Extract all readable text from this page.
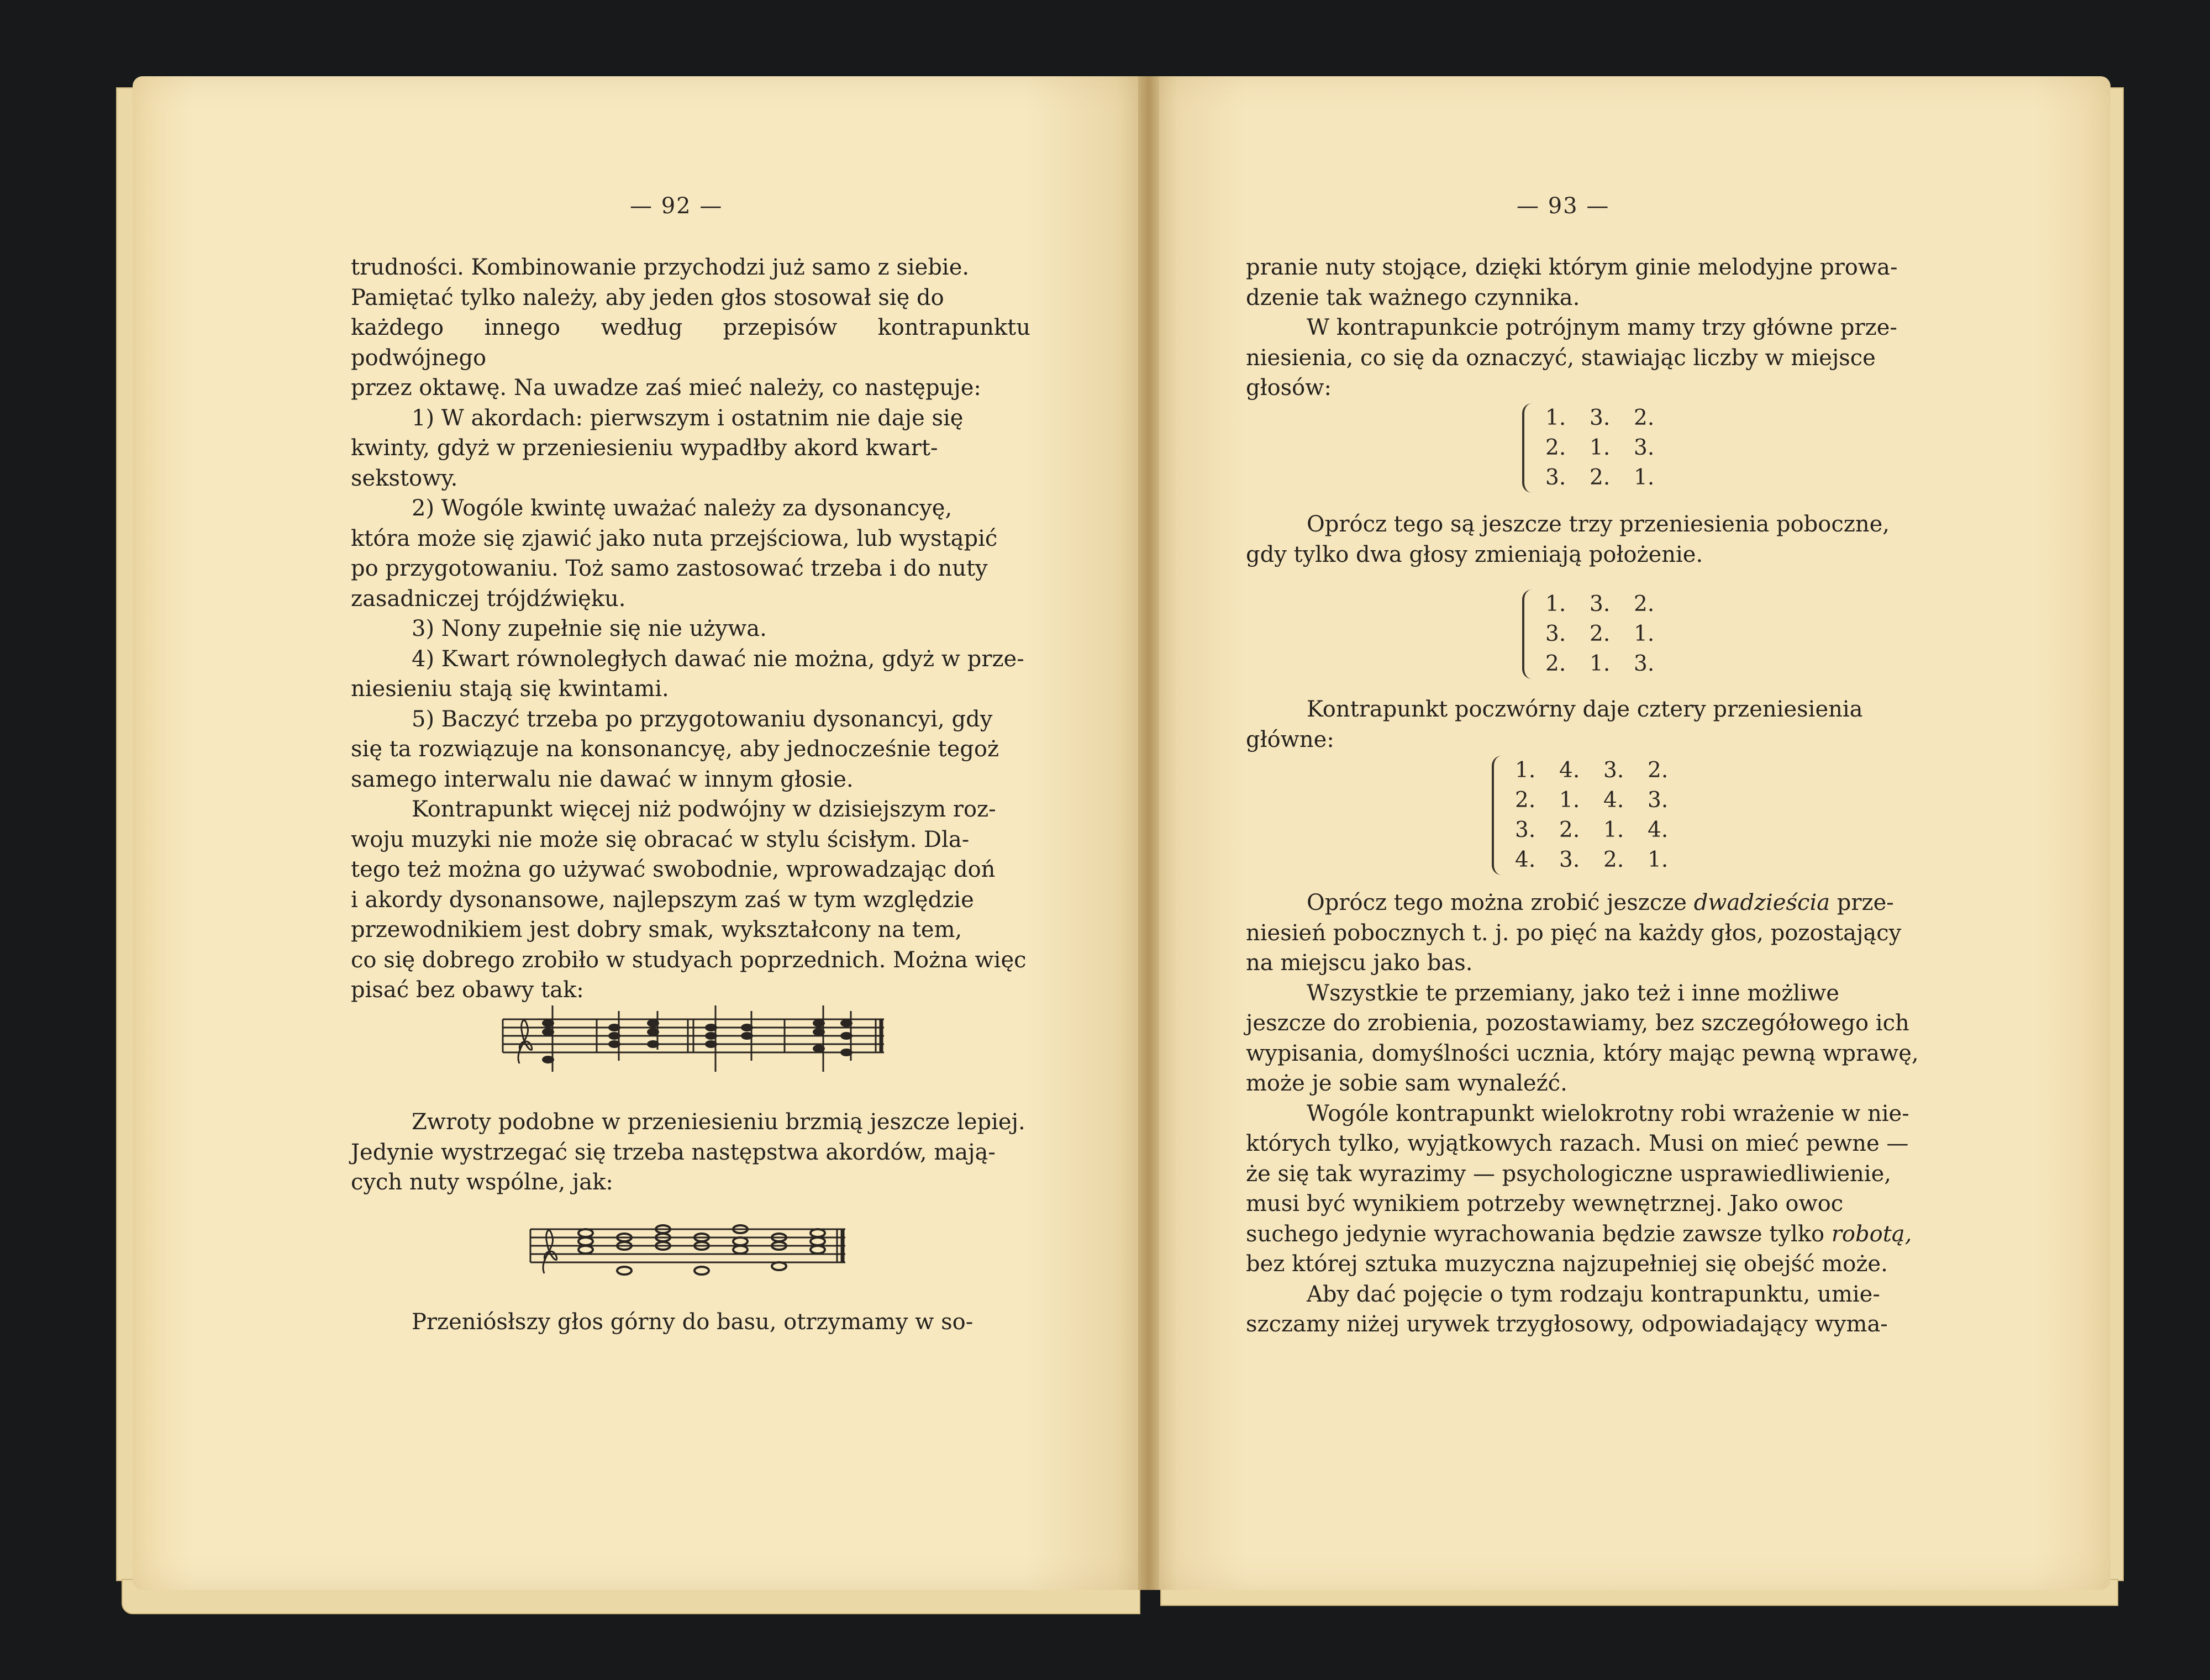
— 92 —

trudności. Kombinowanie przychodzi już samo z siebie.

Pamiętać tylko należy, aby jeden głos stosował się do

każdego innego według przepisów kontrapunktu podwójnego

przez oktawę. Na uwadze zaś mieć należy, co następuje:

1) W akordach: pierwszym i ostatnim nie daje się

kwinty, gdyż w przeniesieniu wypadłby akord kwart-

sekstowy.

2) Wogóle kwintę uważać należy za dysonancyę,

która może się zjawić jako nuta przejściowa, lub wystąpić

po przygotowaniu. Toż samo zastosować trzeba i do nuty

zasadniczej trójdźwięku.

3) Nony zupełnie się nie używa.

4) Kwart równoległych dawać nie można, gdyż w prze-

niesieniu stają się kwintami.

5) Baczyć trzeba po przygotowaniu dysonancyi, gdy

się ta rozwiązuje na konsonancyę, aby jednocześnie tegoż

samego interwalu nie dawać w innym głosie.

Kontrapunkt więcej niż podwójny w dzisiejszym roz-

woju muzyki nie może się obracać w stylu ścisłym. Dla-

tego też można go używać swobodnie, wprowadzając doń

i akordy dysonansowe, najlepszym zaś w tym względzie

przewodnikiem jest dobry smak, wykształcony na tem,

co się dobrego zrobiło w studyach poprzednich. Można więc

pisać bez obawy tak:

Zwroty podobne w przeniesieniu brzmią jeszcze lepiej.

Jedynie wystrzegać się trzeba następstwa akordów, mają-

cych nuty wspólne, jak:

Przeniósłszy głos górny do basu, otrzymamy w so-

— 93 —

pranie nuty stojące, dzięki którym ginie melodyjne prowa-

dzenie tak ważnego czynnika.

W kontrapunkcie potrójnym mamy trzy główne prze-

niesienia, co się da oznaczyć, stawiając liczby w miejsce

głosów:

1. 3. 2.
2. 1. 3.
3. 2. 1.

Oprócz tego są jeszcze trzy przeniesienia poboczne,

gdy tylko dwa głosy zmieniają położenie.

1. 3. 2.
3. 2. 1.
2. 1. 3.

Kontrapunkt poczwórny daje cztery przeniesienia

główne:

1. 4. 3. 2.
2. 1. 4. 3.
3. 2. 1. 4.
4. 3. 2. 1.

Oprócz tego można zrobić jeszcze dwadzieścia prze-

niesień pobocznych t. j. po pięć na każdy głos, pozostający

na miejscu jako bas.

Wszystkie te przemiany, jako też i inne możliwe

jeszcze do zrobienia, pozostawiamy, bez szczegółowego ich

wypisania, domyślności ucznia, który mając pewną wprawę,

może je sobie sam wynaleźć.

Wogóle kontrapunkt wielokrotny robi wrażenie w nie-

których tylko, wyjątkowych razach. Musi on mieć pewne —

że się tak wyrazimy — psychologiczne usprawiedliwienie,

musi być wynikiem potrzeby wewnętrznej. Jako owoc

suchego jedynie wyrachowania będzie zawsze tylko robotą,

bez której sztuka muzyczna najzupełniej się obejść może.

Aby dać pojęcie o tym rodzaju kontrapunktu, umie-

szczamy niżej urywek trzygłosowy, odpowiadający wyma-
